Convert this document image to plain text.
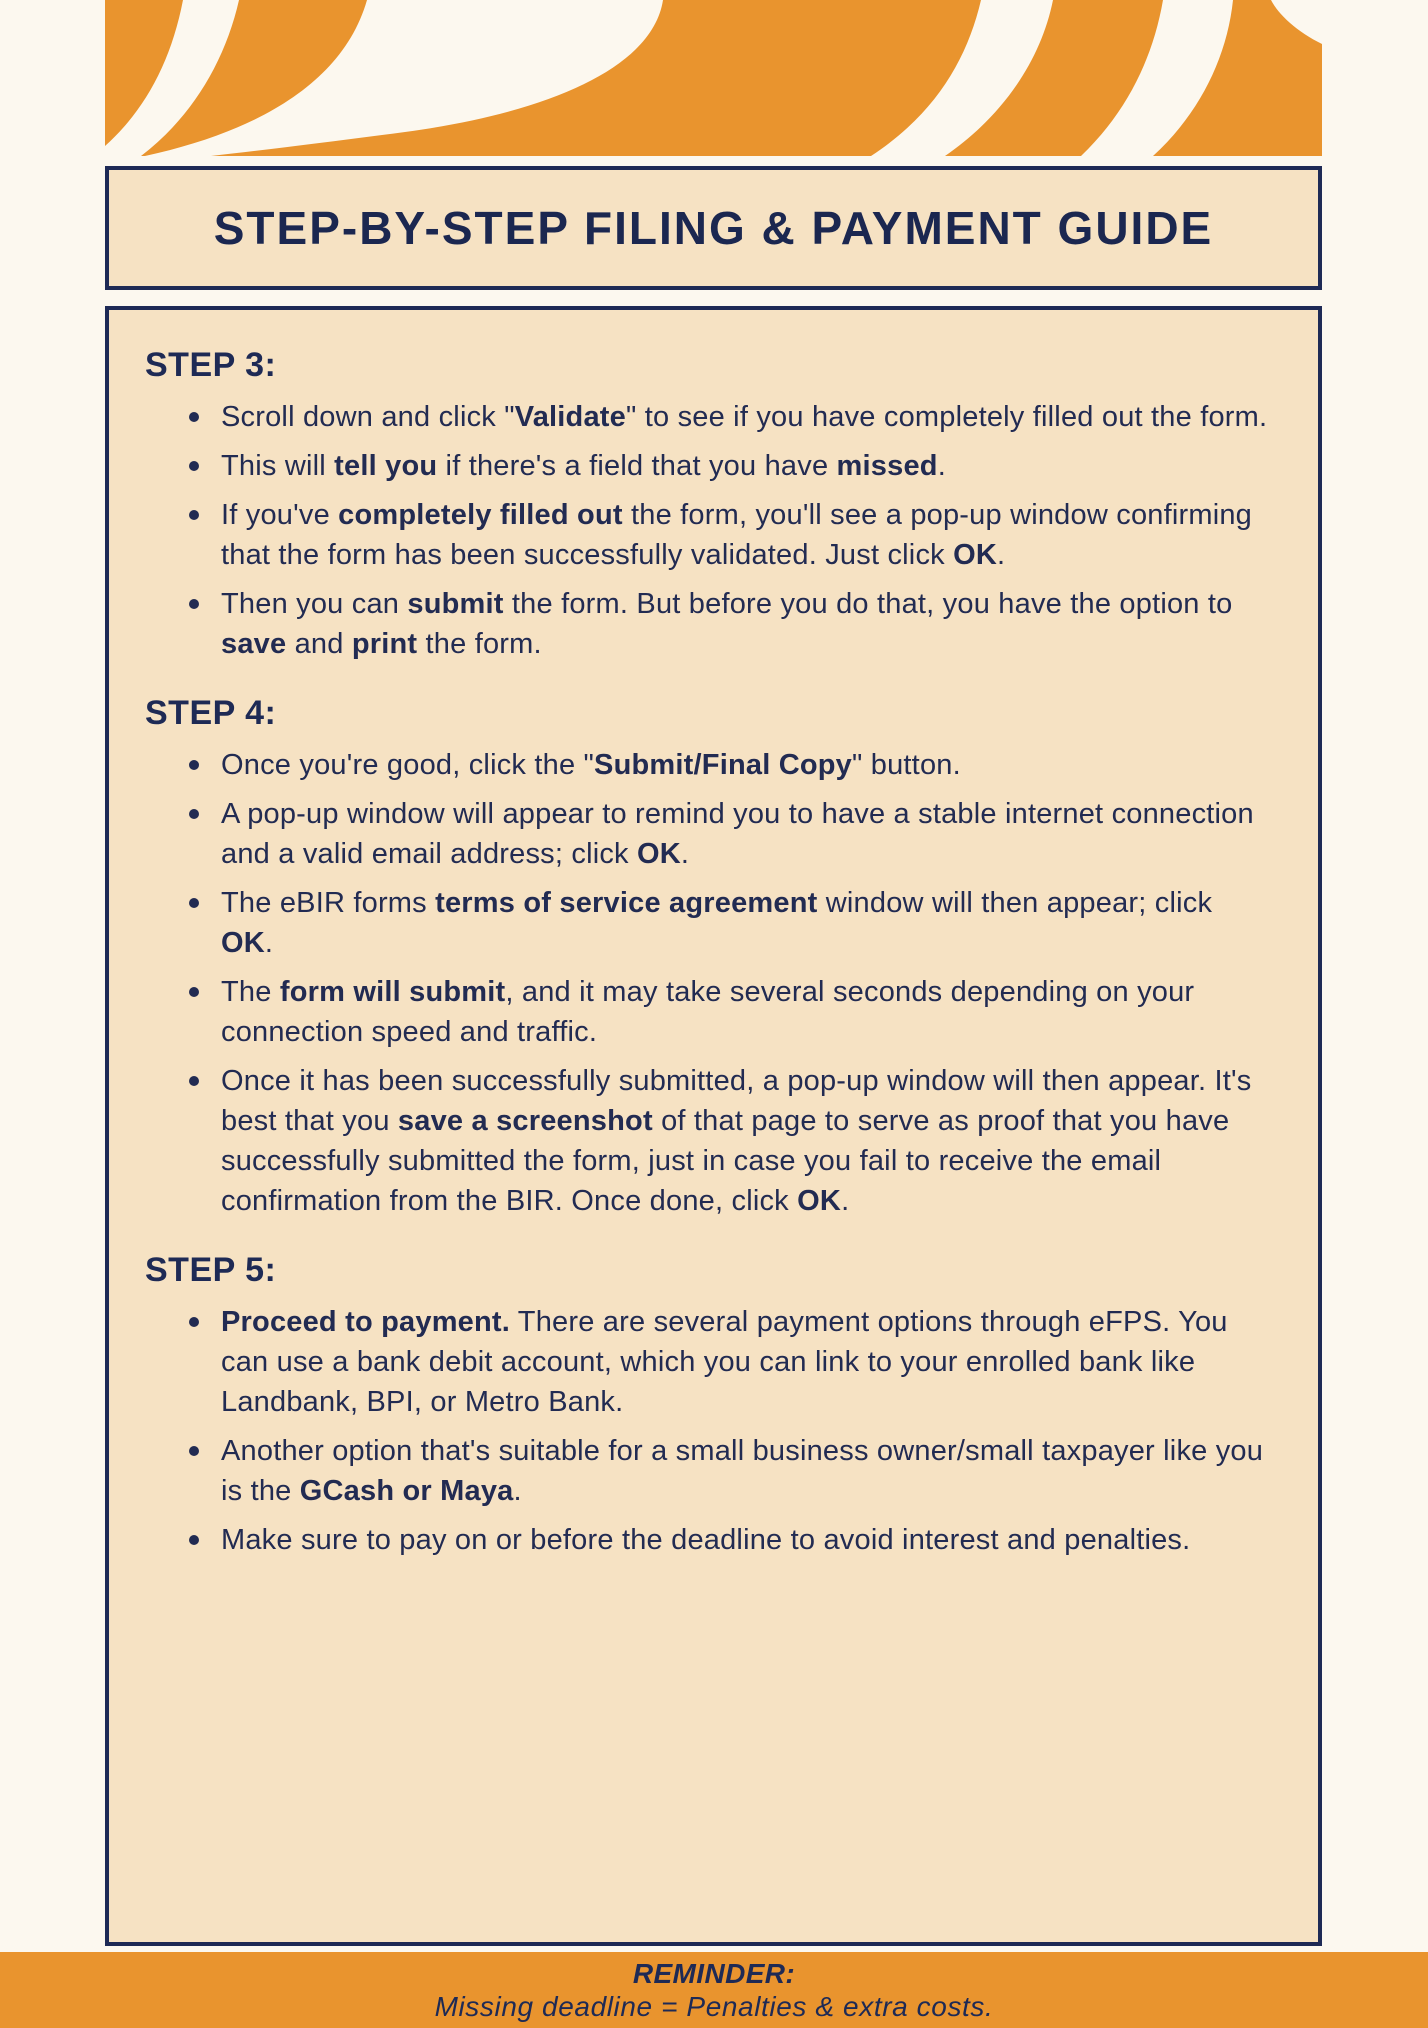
STEP-BY-STEP FILING & PAYMENT GUIDE
STEP 3:
Scroll down and click "Validate" to see if you have completely filled out the form.
This will tell you if there's a field that you have missed.
If you've completely filled out the form, you'll see a pop-up window confirming that the form has been successfully validated. Just click OK.
Then you can submit the form. But before you do that, you have the option to save and print the form.
STEP 4:
Once you're good, click the "Submit/Final Copy" button.
A pop-up window will appear to remind you to have a stable internet connection and a valid email address; click OK.
The eBIR forms terms of service agreement window will then appear; click OK.
The form will submit, and it may take several seconds depending on your connection speed and traffic.
Once it has been successfully submitted, a pop-up window will then appear. It's best that you save a screenshot of that page to serve as proof that you have successfully submitted the form, just in case you fail to receive the email confirmation from the BIR. Once done, click OK.
STEP 5:
Proceed to payment. There are several payment options through eFPS. You can use a bank debit account, which you can link to your enrolled bank like Landbank, BPI, or Metro Bank.
Another option that's suitable for a small business owner/small taxpayer like you is the GCash or Maya.
Make sure to pay on or before the deadline to avoid interest and penalties.
REMINDER:
Missing deadline = Penalties & extra costs.
